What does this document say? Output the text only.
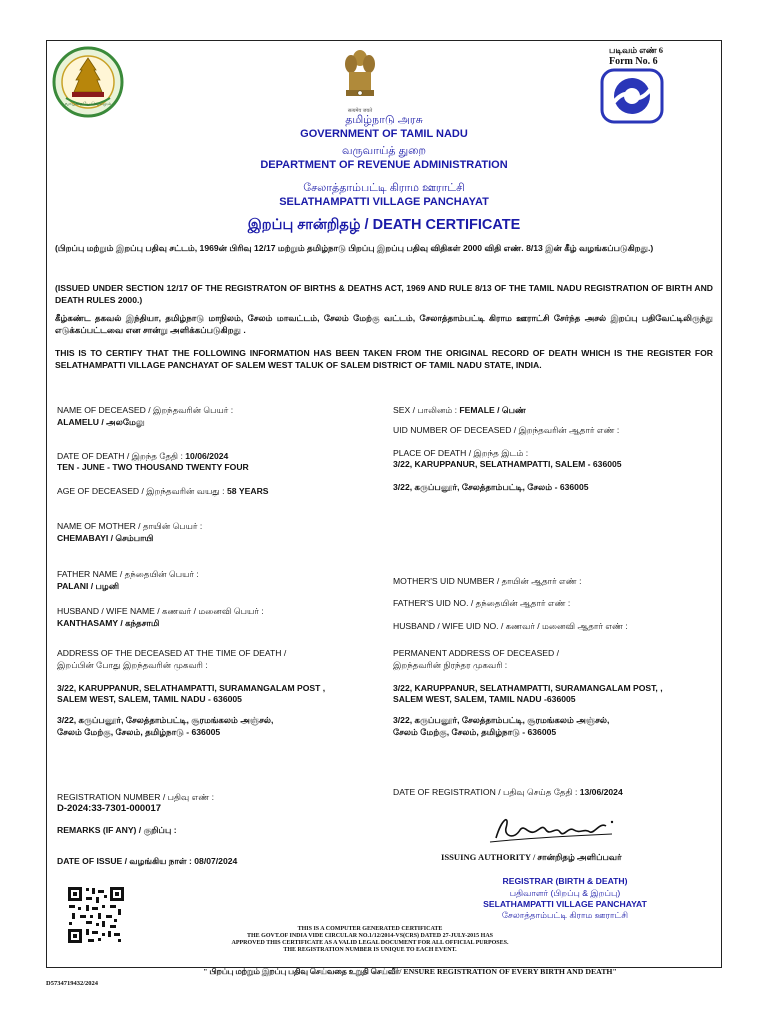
வாய்மையே வெல்லும்
सत्यमेव जयते
படிவம் எண் 6
Form No. 6
தமிழ்நாடு அரசு
GOVERNMENT OF TAMIL NADU
வருவாய்த் துறை
DEPARTMENT OF REVENUE ADMINISTRATION
சேலாத்தாம்பட்டி கிராம ஊராட்சி
SELATHAMPATTI VILLAGE PANCHAYAT
இறப்பு சான்றிதழ் / DEATH CERTIFICATE
(பிறப்பு மற்றும் இறப்பு பதிவு சட்டம், 1969ன் பிரிவு 12/17 மற்றும் தமிழ்நாடு பிறப்பு இறப்பு பதிவு விதிகள் 2000 விதி எண். 8/13 இன் கீழ் வழங்கப்படுகிறது.)
(ISSUED UNDER SECTION 12/17 OF THE REGISTRATON OF BIRTHS & DEATHS ACT, 1969 AND RULE 8/13 OF THE TAMIL NADU REGISTRATION OF BIRTH AND DEATH RULES 2000.)
கீழ்கண்ட தகவல் இந்தியா, தமிழ்நாடு மாநிலம், சேலம் மாவட்டம், சேலம் மேற்கு வட்டம், சேலாத்தாம்பட்டி கிராம ஊராட்சி சேர்ந்த அசல் இறப்பு பதிவேட்டிலிருந்து எடுக்கப்பட்டவை என சான்று அளிக்கப்படுகிறது .
THIS IS TO CERTIFY THAT THE FOLLOWING INFORMATION HAS BEEN TAKEN FROM THE ORIGINAL RECORD OF DEATH WHICH IS THE REGISTER FOR SELATHAMPATTI VILLAGE PANCHAYAT OF SALEM WEST TALUK OF SALEM DISTRICT OF TAMIL NADU STATE, INDIA.
NAME OF DECEASED / இறந்தவரின் பெயர் :
ALAMELU / அலமேலு
DATE OF DEATH / இறந்த தேதி : 10/06/2024
TEN - JUNE - TWO THOUSAND TWENTY FOUR
AGE OF DECEASED / இறந்தவரின் வயது : 58 YEARS
NAME OF MOTHER / தாயின் பெயர் :
CHEMABAYI / செம்பாயி
FATHER NAME / தந்தையின் பெயர் :
PALANI / பழனி
HUSBAND / WIFE NAME / கணவர் / மனைவி பெயர் :
KANTHASAMY / கந்தசாமி
ADDRESS OF THE DECEASED AT THE TIME OF DEATH /
இறப்பின் போது இறந்தவரின் முகவரி :
3/22, KARUPPANUR, SELATHAMPATTI, SURAMANGALAM POST ,
SALEM WEST, SALEM, TAMIL NADU - 636005
3/22, கருப்பனூர், சேலத்தாம்பட்டி, சூரமங்கலம் அஞ்சல்,
சேலம் மேற்கு, சேலம், தமிழ்நாடு - 636005
REGISTRATION NUMBER / பதிவு எண் :
D-2024:33-7301-000017
REMARKS (IF ANY) / குறிப்பு :
DATE OF ISSUE / வழங்கிய நாள் : 08/07/2024
SEX / பாலினம் : FEMALE / பெண்
UID NUMBER OF DECEASED / இறந்தவரின் ஆதார் எண் :
PLACE OF DEATH / இறந்த இடம் :
3/22, KARUPPANUR, SELATHAMPATTI, SALEM - 636005
3/22, கருப்பனூர், சேலத்தாம்பட்டி, சேலம் - 636005
MOTHER'S UID NUMBER / தாயின் ஆதார் எண் :
FATHER'S UID NO. / தந்தையின் ஆதார் எண் :
HUSBAND / WIFE UID NO. / கணவர் / மனைவி ஆதார் எண் :
PERMANENT ADDRESS OF DECEASED /
இறந்தவரின் நிரந்தர முகவரி :
3/22, KARUPPANUR, SELATHAMPATTI, SURAMANGALAM POST, ,
SALEM WEST, SALEM, TAMIL NADU -636005
3/22, கருப்பனூர், சேலத்தாம்பட்டி, சூரமங்கலம் அஞ்சல்,
சேலம் மேற்கு, சேலம், தமிழ்நாடு - 636005
DATE OF REGISTRATION / பதிவு செய்த தேதி : 13/06/2024
ISSUING AUTHORITY / சான்றிதழ் அளிப்பவர்
REGISTRAR (BIRTH & DEATH)
பதிவாளர் (பிறப்பு & இறப்பு)
SELATHAMPATTI VILLAGE PANCHAYAT
சேலாத்தாம்பட்டி கிராம ஊராட்சி
THIS IS A COMPUTER GENERATED CERTIFICATE
THE GOVT.OF INDIA VIDE CIRCULAR NO.1/12/2014-VS(CRS) DATED 27-JULY-2015 HAS
APPROVED THIS CERTIFICATE AS A VALID LEGAL DOCUMENT FOR ALL OFFICIAL PURPOSES.
THE REGISTRATION NUMBER IS UNIQUE TO EACH EVENT.
" பிறப்பு மற்றும் இறப்பு பதிவு செய்வதை உறுதி செய்வீர்/ ENSURE REGISTRATION OF EVERY BIRTH AND DEATH"
D5734719432/2024
